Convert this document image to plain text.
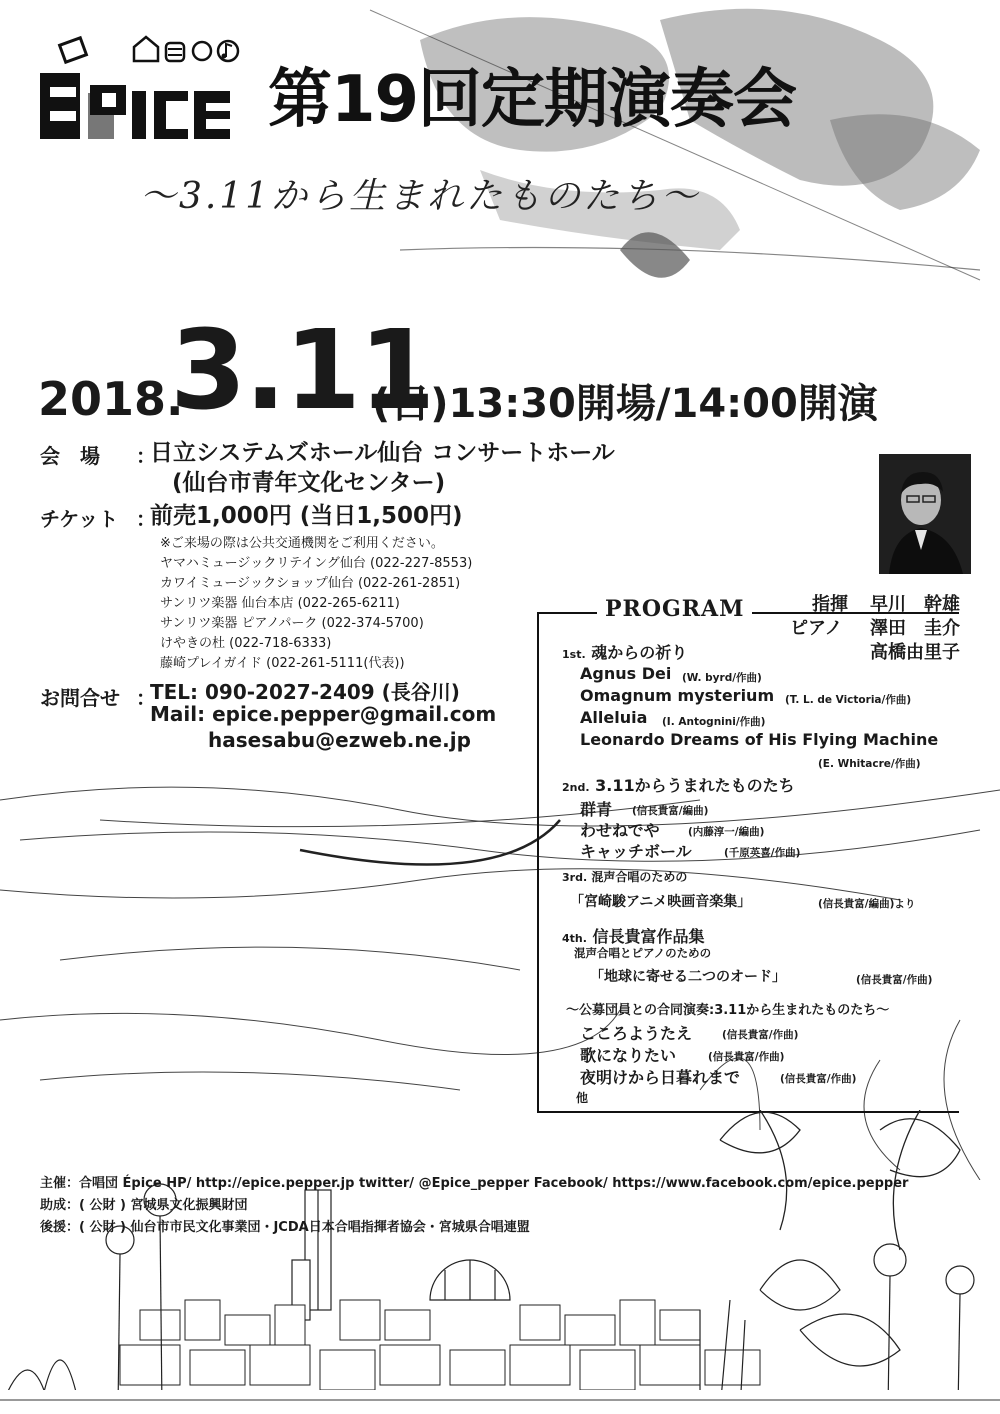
第19回定期演奏会
～3.11から生まれたものたち～
2018.
3.11
(日)13:30開場/14:00開演
会　場 ：
日立システムズホール仙台 コンサートホール
(仙台市青年文化センター)
チケット ：
前売1,000円 (当日1,500円)
※ご来場の際は公共交通機関をご利用ください。
ヤマハミュージックリテイング仙台 (022-227-8553)
カワイミュージックショップ仙台 (022-261-2851)
サンリツ楽器 仙台本店 (022-265-6211)
サンリツ楽器 ピアノパーク (022-374-5700)
けやきの杜 (022-718-6333)
藤崎プレイガイド (022-261-5111(代表))
お問合せ ：
TEL: 090-2027-2409 (長谷川)
Mail: epice.pepper@gmail.com
hasesabu@ezweb.ne.jp
指揮 早川　幹雄
ピアノ 澤田　圭介
高橋由里子
PROGRAM
1st. 魂からの祈り
Agnus Dei (W. byrd/作曲)
Omagnum mysterium (T. L. de Victoria/作曲)
Alleluia (I. Antognini/作曲)
Leonardo Dreams of His Flying Machine
(E. Whitacre/作曲)
2nd. 3.11からうまれたものたち
群青 (信長貴富/編曲)
わせねでや	(内藤淳一/編曲)
キャッチボール	(千原英喜/作曲)
3rd. 混声合唱のための
「宮崎駿アニメ映画音楽集」	(信長貴富/編曲)より
4th. 信長貴富作品集
混声合唱とピアノのための
「地球に寄せる二つのオード」	(信長貴富/作曲)
～公募団員との合同演奏:3.11から生まれたものたち～
こころようたえ	(信長貴富/作曲)
歌になりたい	(信長貴富/作曲)
夜明けから日暮れまで	(信長貴富/作曲)
他
主催：合唱団 Épice HP/ http://epice.pepper.jp twitter/ @Epice_pepper Facebook/ https://www.facebook.com/epice.pepper
助成：( 公財 ) 宮城県文化振興財団
後援：( 公財 ) 仙台市市民文化事業団・JCDA日本合唱指揮者協会・宮城県合唱連盟
